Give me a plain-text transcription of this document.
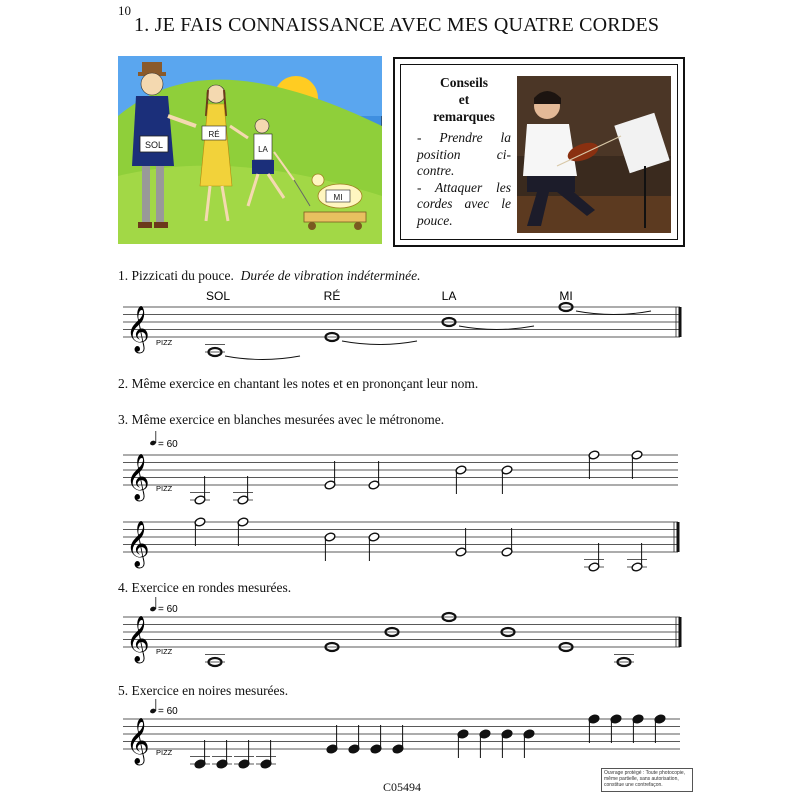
10
1. JE FAIS CONNAISSANCE AVEC MES QUATRE CORDES
SOL
RÉ
LA
MI
Conseils
et
remarques
- Prendre la position ci-contre.
- Attaquer les cordes avec le pouce.
1. Pizzicati du pouce. Durée de vibration indéterminée.
2. Même exercice en chantant les notes et en prononçant leur nom.
3. Même exercice en blanches mesurées avec le métronome.
4. Exercice en rondes mesurées.
5. Exercice en noires mesurées.
𝄞
𝄞
𝄞
𝄞
𝄞
SOL	RÉ	LA	MI
PIZZ
PIZZ
PIZZ
PIZZ
= 60
= 60
= 60
C05494
Ouvrage protégé : Toute photocopie,
même partielle, sans autorisation,
constitue une contrefaçon.
